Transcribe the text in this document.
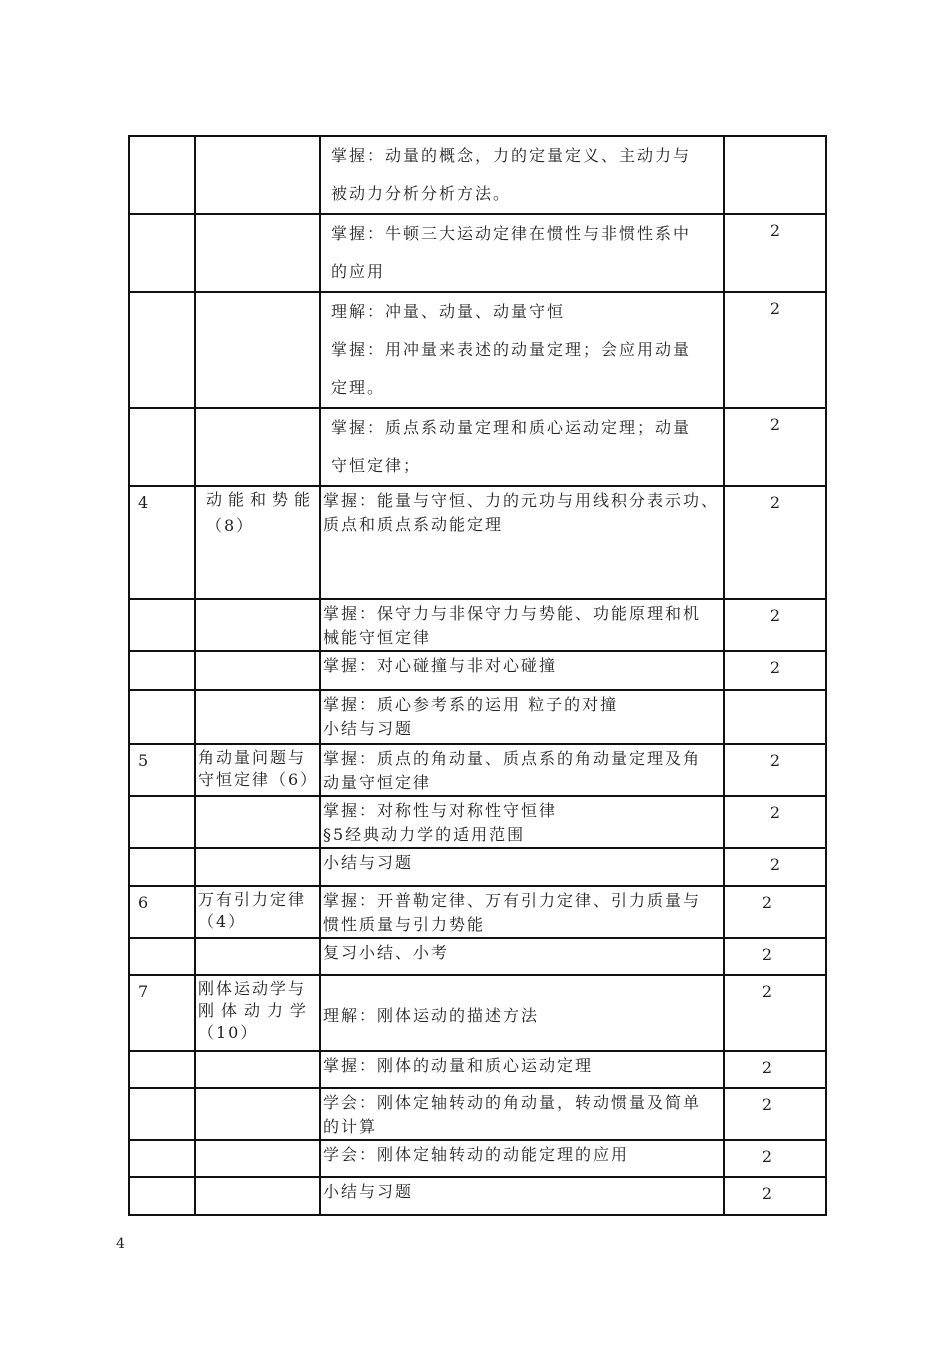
		掌握：动量的概念，力的定量定义、主动力与
被动力分析分析方法。	

		掌握：牛顿三大运动定律在惯性与非惯性系中
的应用	2

		理解：冲量、动量、动量守恒
掌握：用冲量来表述的动量定理；会应用动量
定理。	2

		掌握：质点系动量定理和质心运动定理；动量
守恒定律；	2
4	动能和势能
（8）	掌握：能量与守恒、力的元功与用线积分表示功、
质点和质点系动能定理	2

		掌握：保守力与非保守力与势能、功能原理和机
械能守恒定律	2

		掌握：对心碰撞与非对心碰撞	2

		掌握：质心参考系的运用 粒子的对撞
小结与习题	

5	角动量问题与
守恒定律（6）	掌握：质点的角动量、质点系的角动量定理及角
动量守恒定律	2

		掌握：对称性与对称性守恒律
§5经典动力学的适用范围	2

		小结与习题	2
6	万有引力定律
（4）	掌握：开普勒定律、万有引力定律、引力质量与
惯性质量与引力势能	2

		复习小结、小考	2
7	刚体运动学与
刚体动力学
（10）	理解：刚体运动的描述方法	2

		掌握：刚体的动量和质心运动定理	2

		学会：刚体定轴转动的角动量，转动惯量及简单
的计算	2

		学会：刚体定轴转动的动能定理的应用	2

		小结与习题	2
4
